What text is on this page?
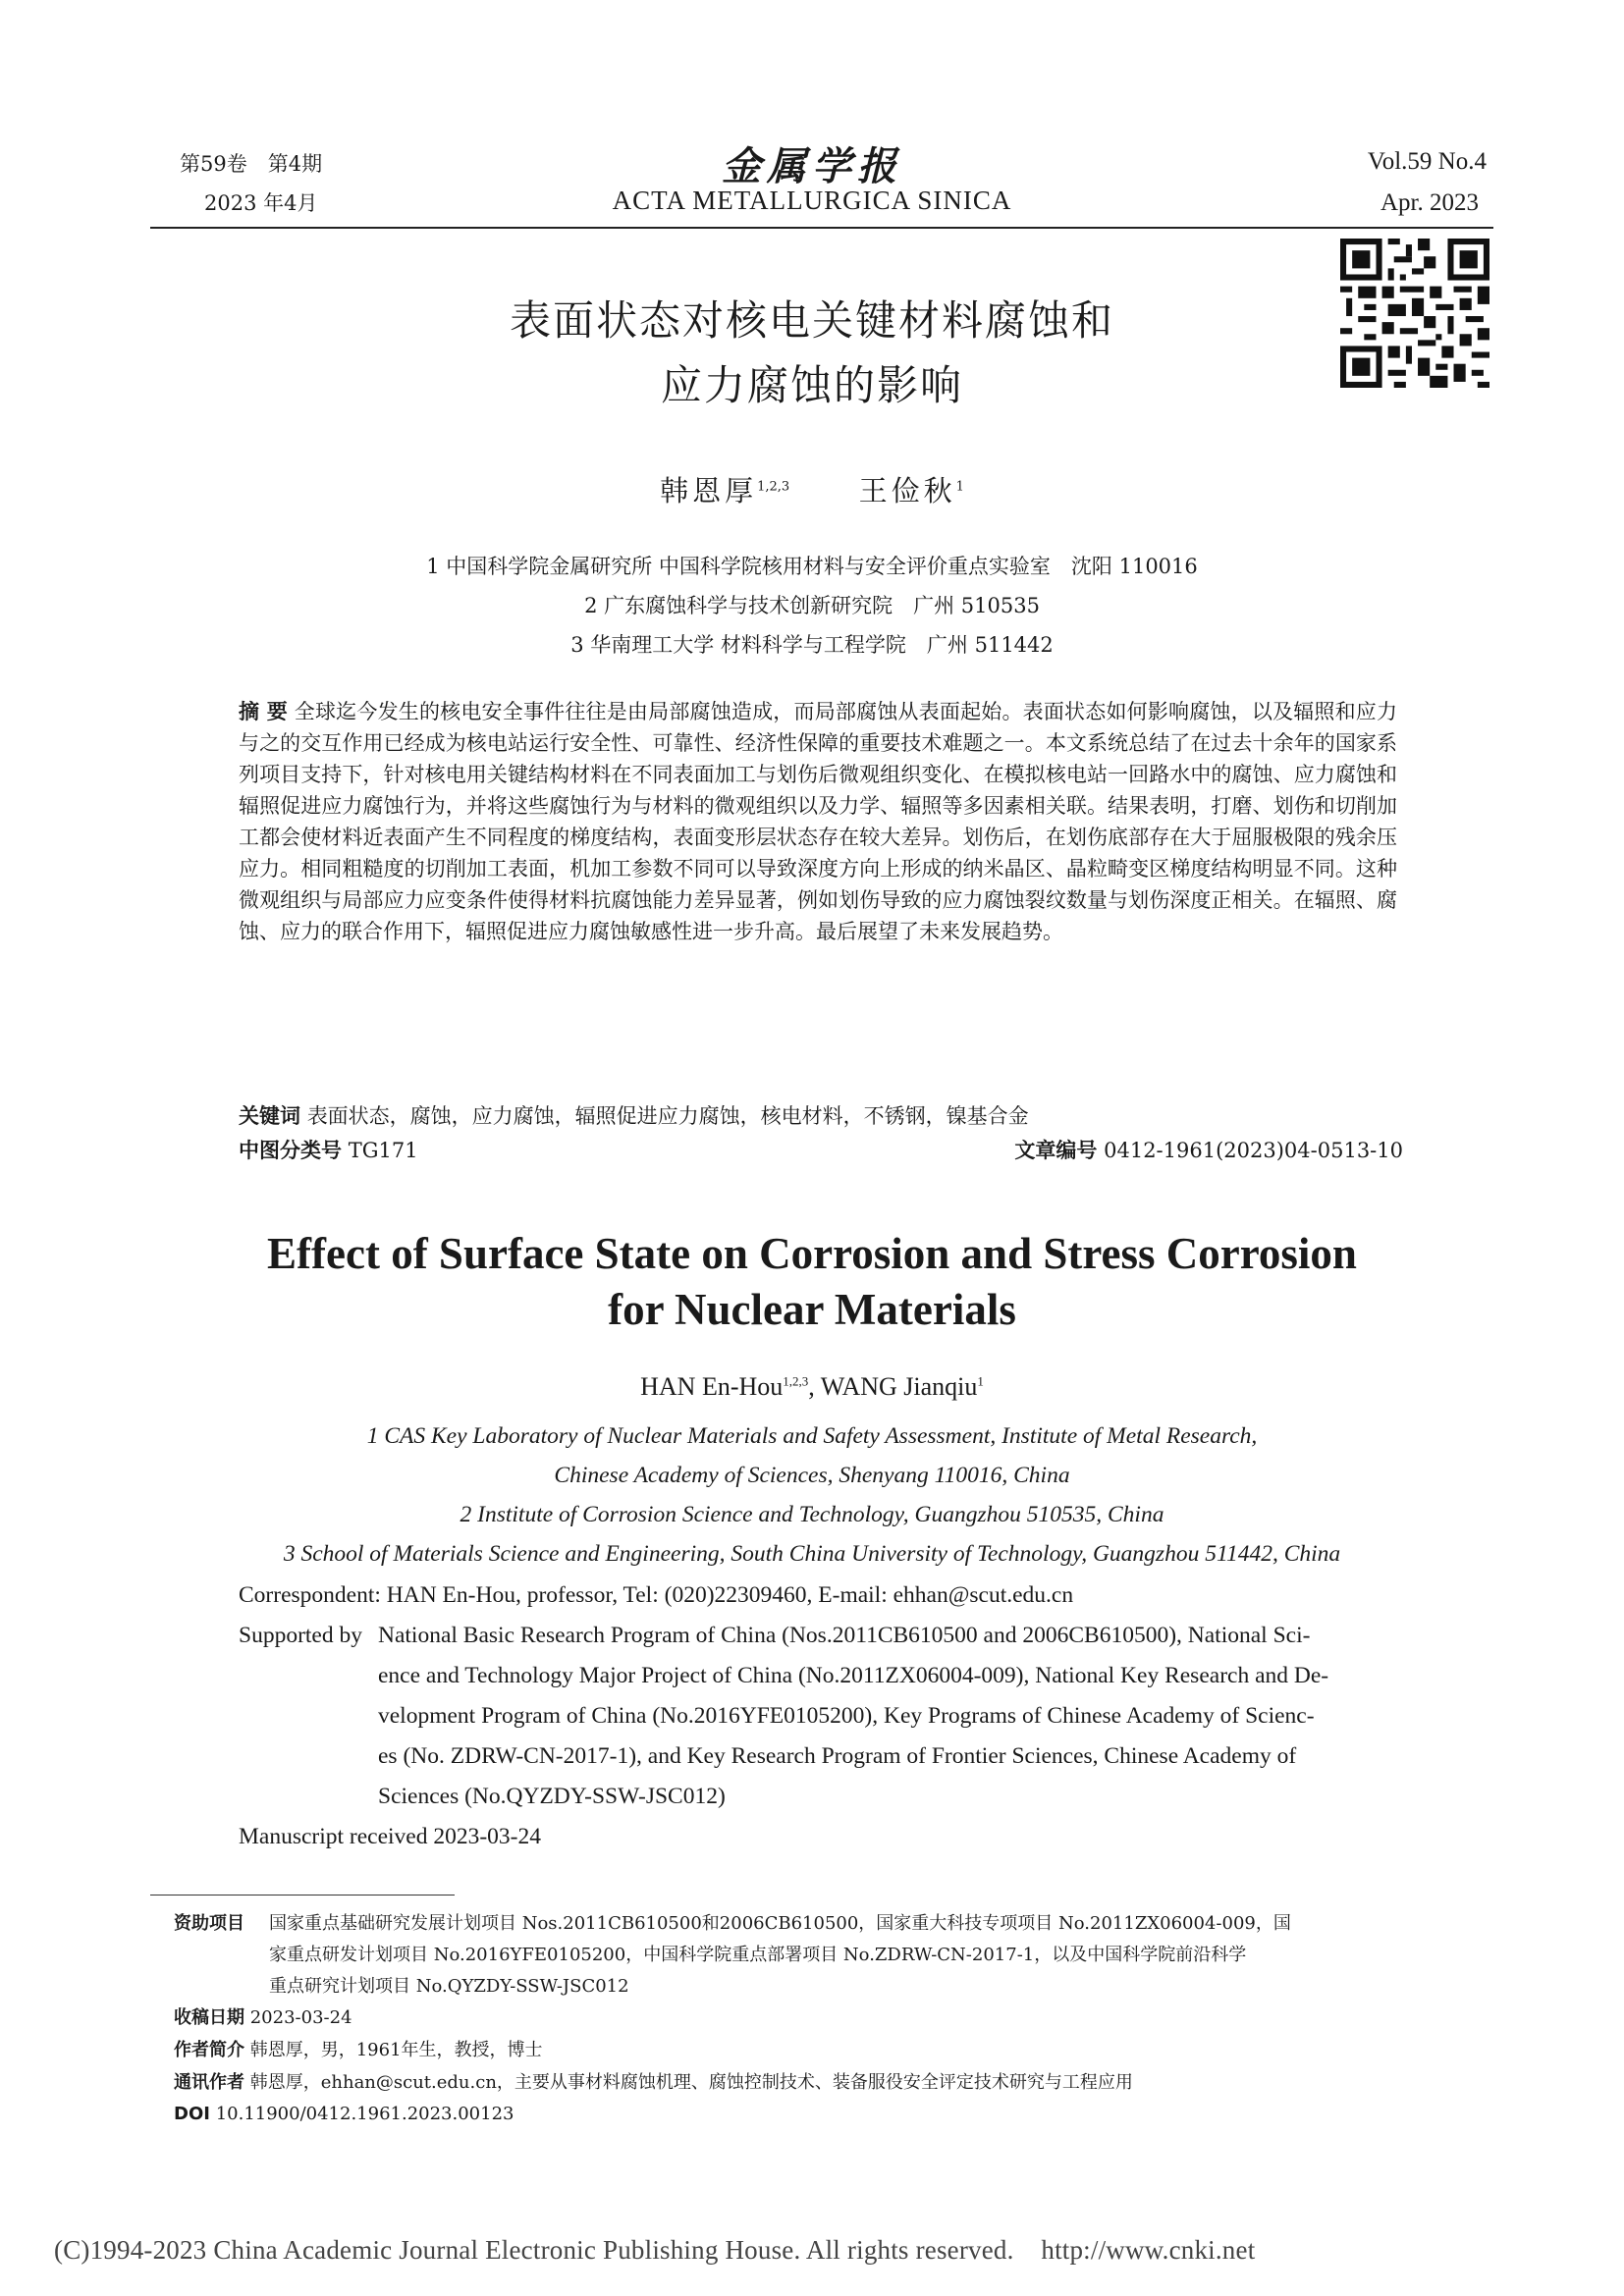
第59卷　第4期
2023 年4月
金属学报
ACTA METALLURGICA SINICA
Vol.59 No.4
Apr. 2023
表面状态对核电关键材料腐蚀和
应力腐蚀的影响
韩恩厚$^{1,2,3}$ 王俭秋$^1$
1 中国科学院金属研究所 中国科学院核用材料与安全评价重点实验室　沈阳 110016
2 广东腐蚀科学与技术创新研究院　广州 510535
3 华南理工大学 材料科学与工程学院　广州 511442
摘 要 全球迄今发生的核电安全事件往往是由局部腐蚀造成，而局部腐蚀从表面起始。表面状态如何影响腐蚀，以及辐照和应力与之的交互作用已经成为核电站运行安全性、可靠性、经济性保障的重要技术难题之一。本文系统总结了在过去十余年的国家系列项目支持下，针对核电用关键结构材料在不同表面加工与划伤后微观组织变化、在模拟核电站一回路水中的腐蚀、应力腐蚀和辐照促进应力腐蚀行为，并将这些腐蚀行为与材料的微观组织以及力学、辐照等多因素相关联。结果表明，打磨、划伤和切削加工都会使材料近表面产生不同程度的梯度结构，表面变形层状态存在较大差异。划伤后，在划伤底部存在大于屈服极限的残余压应力。相同粗糙度的切削加工表面，机加工参数不同可以导致深度方向上形成的纳米晶区、晶粒畸变区梯度结构明显不同。这种微观组织与局部应力应变条件使得材料抗腐蚀能力差异显著，例如划伤导致的应力腐蚀裂纹数量与划伤深度正相关。在辐照、腐蚀、应力的联合作用下，辐照促进应力腐蚀敏感性进一步升高。最后展望了未来发展趋势。
关键词 表面状态，腐蚀，应力腐蚀，辐照促进应力腐蚀，核电材料，不锈钢，镍基合金
中图分类号 TG171	文章编号 0412-1961(2023)04-0513-10
Effect of Surface State on Corrosion and Stress Corrosion
for Nuclear Materials
HAN En-Hou$^{1,2,3}$, WANG Jianqiu$^1$
1 CAS Key Laboratory of Nuclear Materials and Safety Assessment, Institute of Metal Research,
Chinese Academy of Sciences, Shenyang 110016, China
2 Institute of Corrosion Science and Technology, Guangzhou 510535, China
3 School of Materials Science and Engineering, South China University of Technology, Guangzhou 511442, China
Correspondent: HAN En-Hou, professor, Tel: (020)22309460, E-mail: ehhan@scut.edu.cn
Supported by National Basic Research Program of China (Nos.2011CB610500 and 2006CB610500), National Sci-
ence and Technology Major Project of China (No.2011ZX06004-009), National Key Research and De-
velopment Program of China (No.2016YFE0105200), Key Programs of Chinese Academy of Scienc-
es (No. ZDRW-CN-2017-1), and Key Research Program of Frontier Sciences, Chinese Academy of
Sciences (No.QYZDY-SSW-JSC012)
Manuscript received 2023-03-24
资助项目 国家重点基础研究发展计划项目 Nos.2011CB610500和2006CB610500，国家重大科技专项项目 No.2011ZX06004-009，国
家重点研发计划项目 No.2016YFE0105200，中国科学院重点部署项目 No.ZDRW-CN-2017-1，以及中国科学院前沿科学
重点研究计划项目 No.QYZDY-SSW-JSC012
收稿日期 2023-03-24
作者简介 韩恩厚，男，1961年生，教授，博士
通讯作者 韩恩厚，ehhan@scut.edu.cn，主要从事材料腐蚀机理、腐蚀控制技术、装备服役安全评定技术研究与工程应用
DOI 10.11900/0412.1961.2023.00123
(C)1994-2023 China Academic Journal Electronic Publishing House. All rights reserved.    http://www.cnki.net
